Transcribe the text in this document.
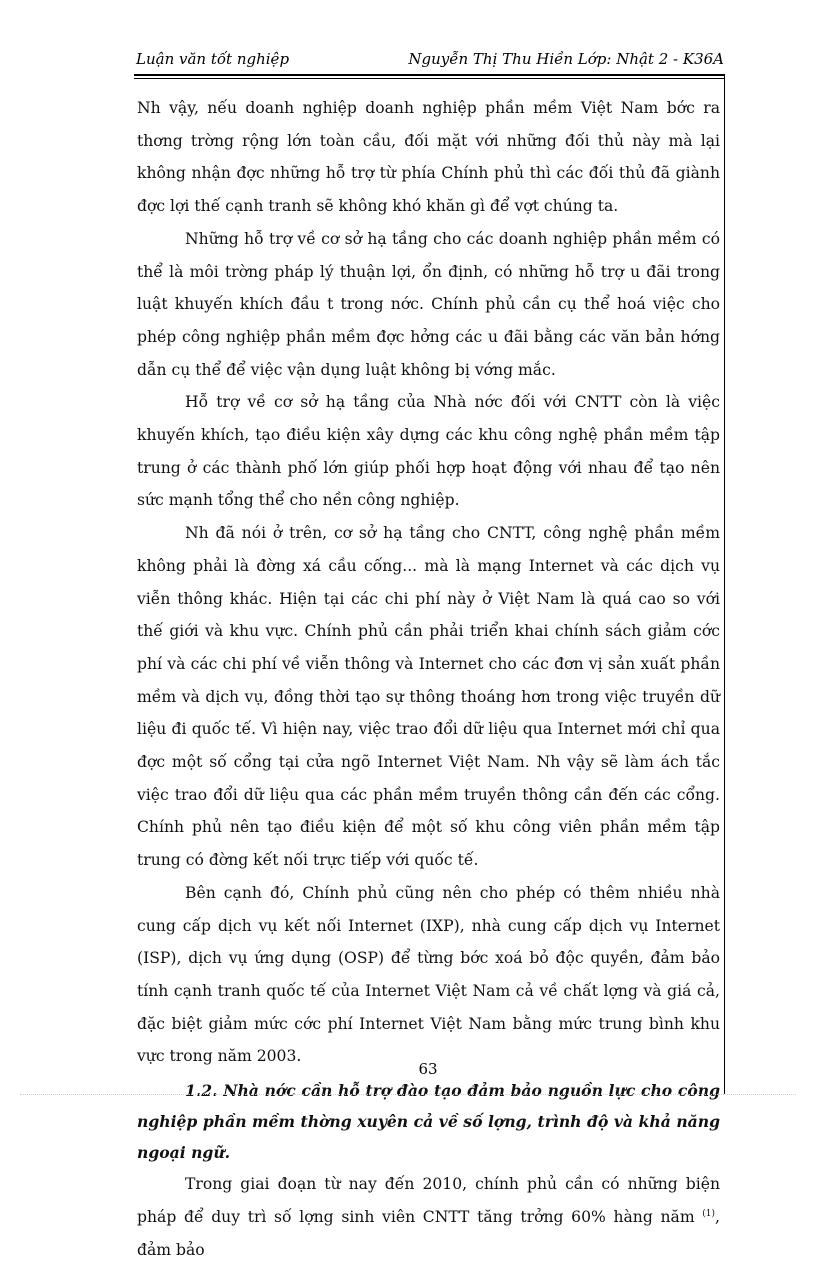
Luận văn tốt nghiệp	Nguyễn Thị Thu Hiền Lớp: Nhật 2 - K36A

Nh vậy, nếu doanh nghiệp doanh nghiệp phần mềm Việt Nam bớc ra thơng trờng rộng lớn toàn cầu, đối mặt với những đối thủ này mà lại không nhận đợc những hỗ trợ từ phía Chính phủ thì các đối thủ đã giành đợc lợi thế cạnh tranh sẽ không khó khăn gì để vợt chúng ta.

Những hỗ trợ về cơ sở hạ tầng cho các doanh nghiệp phần mềm có thể là môi trờng pháp lý thuận lợi, ổn định, có những hỗ trợ u đãi trong luật khuyến khích đầu t trong nớc. Chính phủ cần cụ thể hoá việc cho phép công nghiệp phần mềm đợc hởng các u đãi bằng các văn bản hớng dẫn cụ thể để việc vận dụng luật không bị vớng mắc.

Hỗ trợ về cơ sở hạ tầng của Nhà nớc đối với CNTT còn là việc khuyến khích, tạo điều kiện xây dựng các khu công nghệ phần mềm tập trung ở các thành phố lớn giúp phối hợp hoạt động với nhau để tạo nên sức mạnh tổng thể cho nền công nghiệp.

Nh đã nói ở trên, cơ sở hạ tầng cho CNTT, công nghệ phần mềm không phải là đờng xá cầu cống... mà là mạng Internet và các dịch vụ viễn thông khác. Hiện tại các chi phí này ở Việt Nam là quá cao so với thế giới và khu vực. Chính phủ cần phải triển khai chính sách giảm cớc phí và các chi phí về viễn thông và Internet cho các đơn vị sản xuất phần mềm và dịch vụ, đồng thời tạo sự thông thoáng hơn trong việc truyền dữ liệu đi quốc tế. Vì hiện nay, việc trao đổi dữ liệu qua Internet mới chỉ qua đợc một số cổng tại cửa ngõ Internet Việt Nam. Nh vậy sẽ làm ách tắc việc trao đổi dữ liệu qua các phần mềm truyền thông cần đến các cổng. Chính phủ nên tạo điều kiện để một số khu công viên phần mềm tập trung có đờng kết nối trực tiếp với quốc tế.

Bên cạnh đó, Chính phủ cũng nên cho phép có thêm nhiều nhà cung cấp dịch vụ kết nối Internet (IXP), nhà cung cấp dịch vụ Internet (ISP), dịch vụ ứng dụng (OSP) để từng bớc xoá bỏ độc quyền, đảm bảo tính cạnh tranh quốc tế của Internet Việt Nam cả về chất lợng và giá cả, đặc biệt giảm mức cớc phí Internet Việt Nam bằng mức trung bình khu vực trong năm 2003.

1.2. Nhà nớc cần hỗ trợ đào tạo đảm bảo nguồn lực cho công nghiệp phần mềm thờng xuyên cả về số lợng, trình độ và khả năng ngoại ngữ.

Trong giai đoạn từ nay đến 2010, chính phủ cần có những biện pháp để duy trì số lợng sinh viên CNTT tăng trởng 60% hàng năm $^{(1)}$, đảm bảo

63
